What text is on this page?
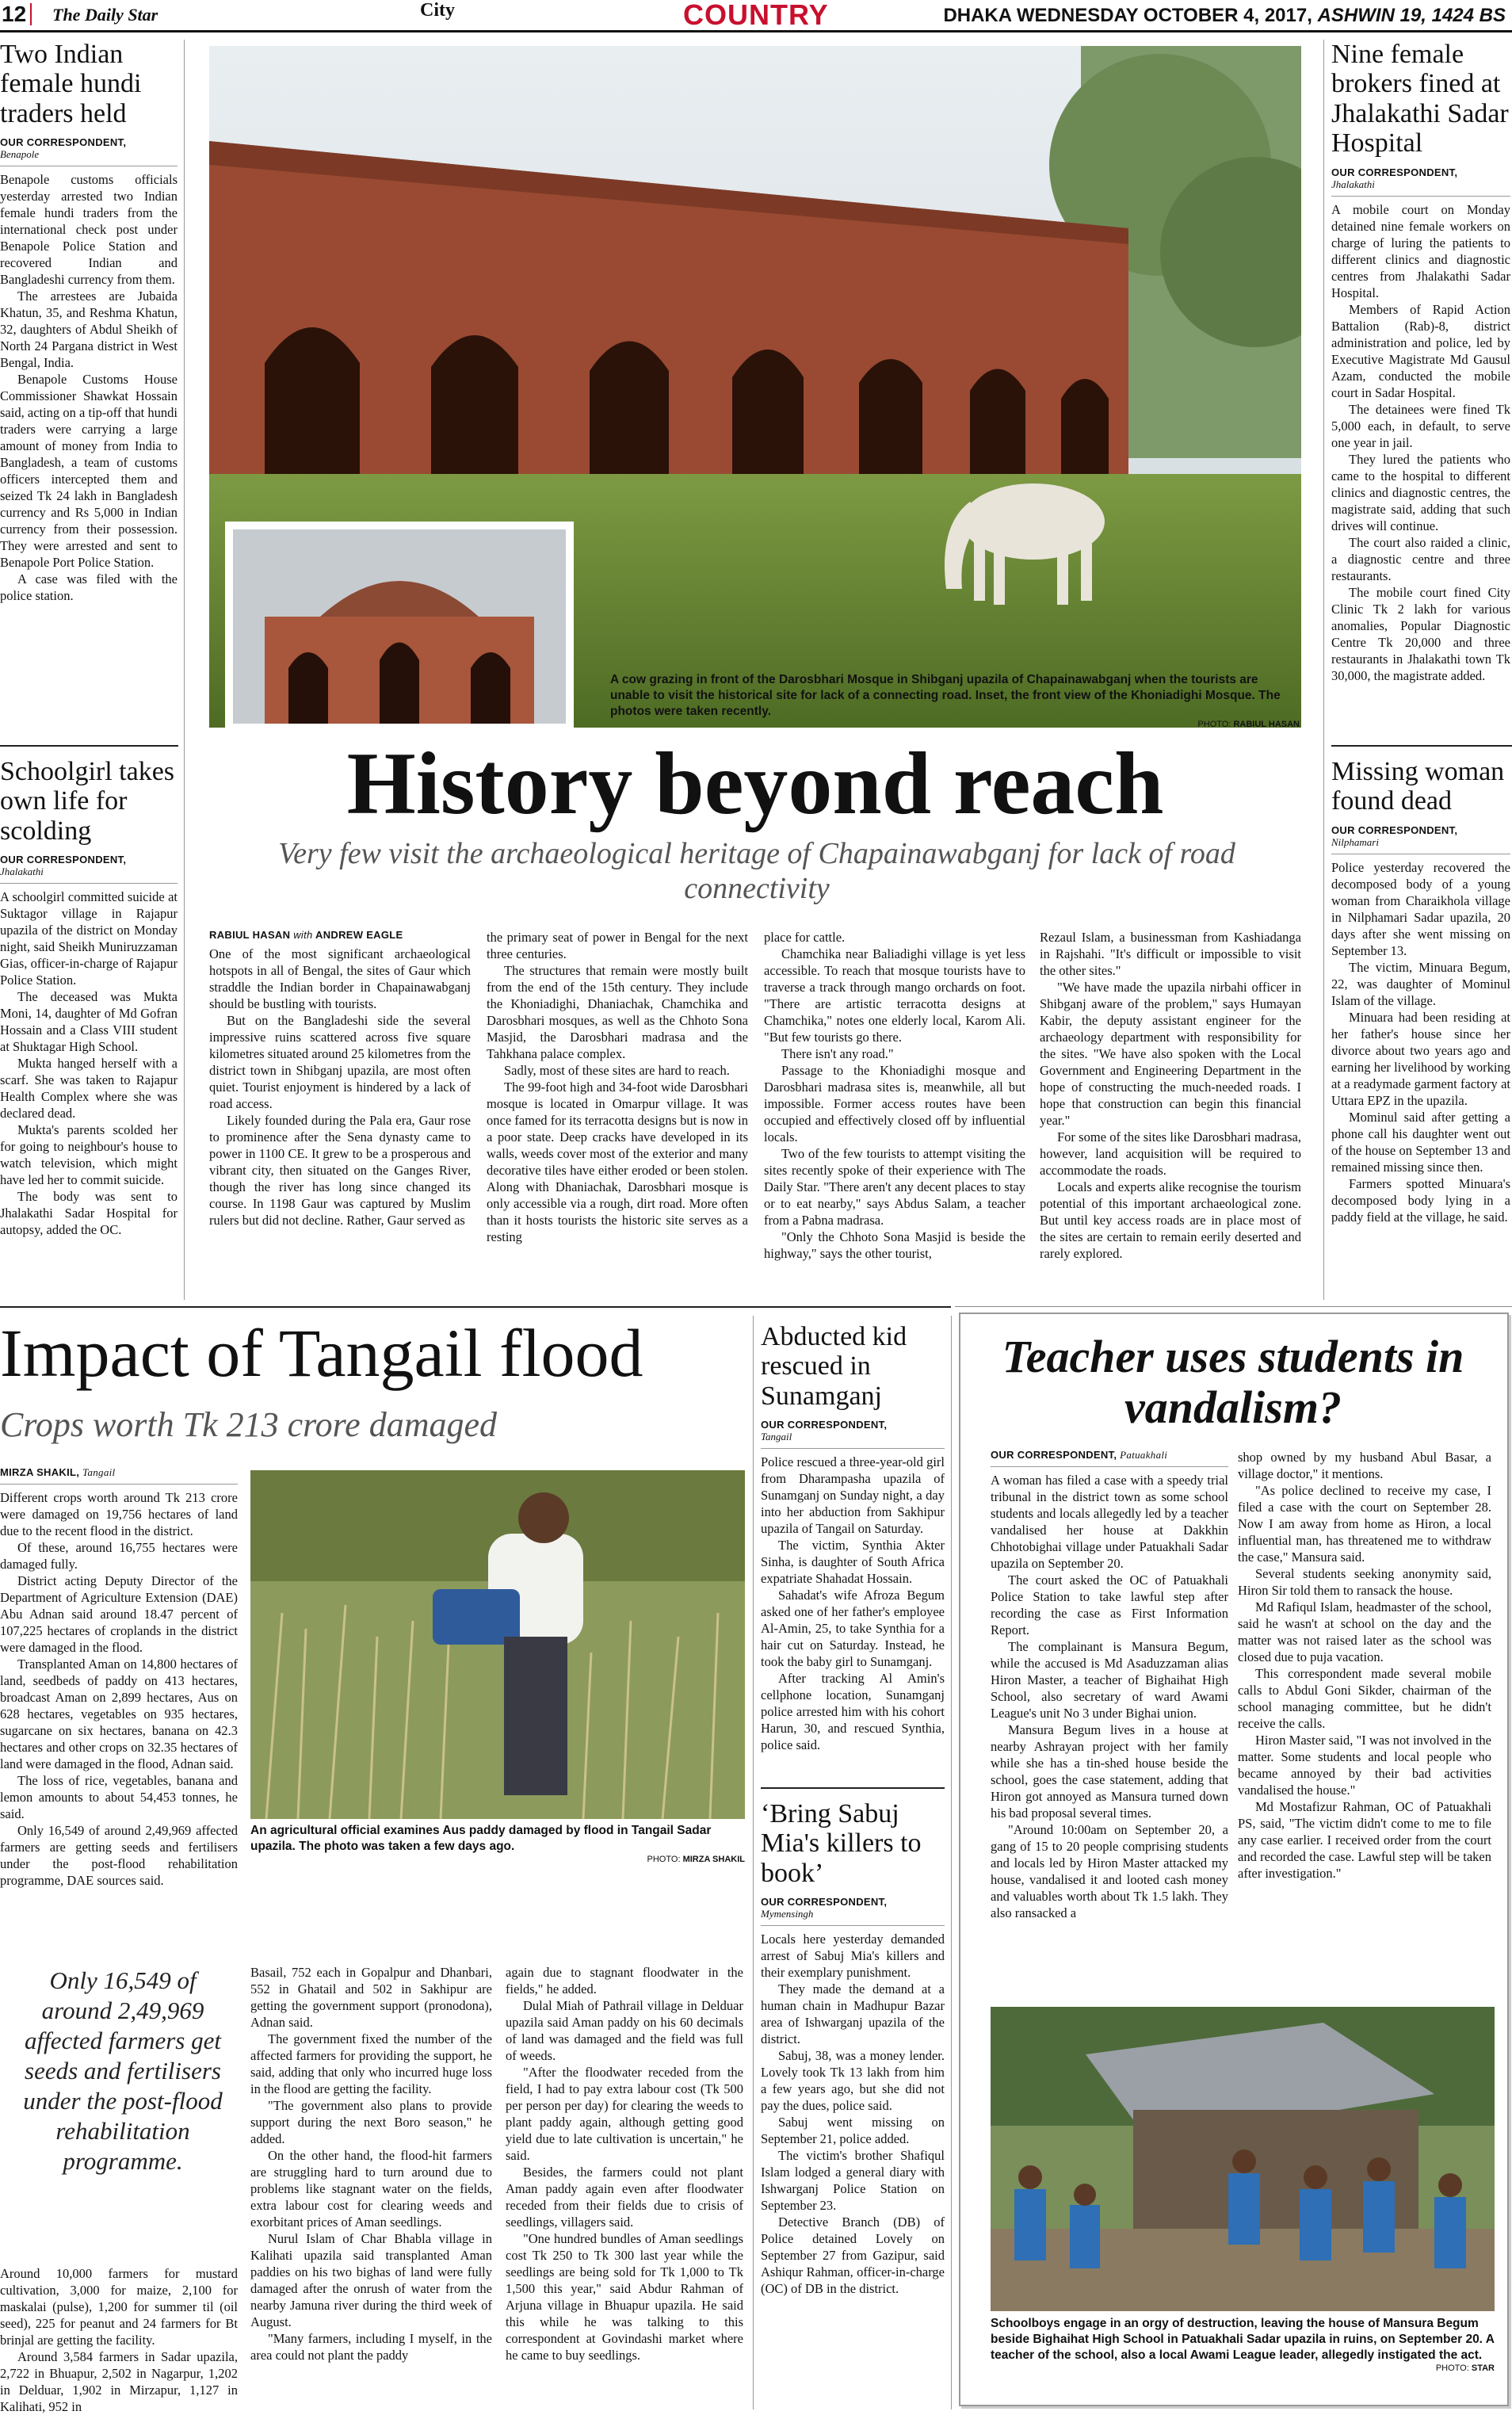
12 The Daily Star	City	COUNTRY	DHAKA WEDNESDAY OCTOBER 4, 2017, ASHWIN 19, 1424 BS
Two Indian female hundi traders held
OUR CORRESPONDENT,
Benapole

Benapole customs officials yesterday arrested two Indian female hundi traders from the international check post under Benapole Police Station and recovered Indian and Bangladeshi currency from them.

The arrestees are Jubaida Khatun, 35, and Reshma Khatun, 32, daughters of Abdul Sheikh of North 24 Pargana district in West Bengal, India.

Benapole Customs House Commissioner Shawkat Hossain said, acting on a tip-off that hundi traders were carrying a large amount of money from India to Bangladesh, a team of customs officers intercepted them and seized Tk 24 lakh in Bangladesh currency and Rs 5,000 in Indian currency from their possession. They were arrested and sent to Benapole Port Police Station.

A case was filed with the police station.

Schoolgirl takes own life for scolding
OUR CORRESPONDENT,
Jhalakathi

A schoolgirl committed suicide at Suktagor village in Rajapur upazila of the district on Monday night, said Sheikh Muniruzzaman Gias, officer-in-charge of Rajapur Police Station.

The deceased was Mukta Moni, 14, daughter of Md Gofran Hossain and a Class VIII student at Shuktagar High School.

Mukta hanged herself with a scarf. She was taken to Rajapur Health Complex where she was declared dead.

Mukta's parents scolded her for going to neighbour's house to watch television, which might have led her to commit suicide.

The body was sent to Jhalakathi Sadar Hospital for autopsy, added the OC.

Nine female brokers fined at Jhalakathi Sadar Hospital
OUR CORRESPONDENT,
Jhalakathi

A mobile court on Monday detained nine female workers on charge of luring the patients to different clinics and diagnostic centres from Jhalakathi Sadar Hospital.

Members of Rapid Action Battalion (Rab)-8, district administration and police, led by Executive Magistrate Md Gausul Azam, conducted the mobile court in Sadar Hospital.

The detainees were fined Tk 5,000 each, in default, to serve one year in jail.

They lured the patients who came to the hospital to different clinics and diagnostic centres, the magistrate said, adding that such drives will continue.

The court also raided a clinic, a diagnostic centre and three restaurants.

The mobile court fined City Clinic Tk 2 lakh for various anomalies, Popular Diagnostic Centre Tk 20,000 and three restaurants in Jhalakathi town Tk 30,000, the magistrate added.

Missing woman found dead
OUR CORRESPONDENT,
Nilphamari

Police yesterday recovered the decomposed body of a young woman from Charaikhola village in Nilphamari Sadar upazila, 20 days after she went missing on September 13.

The victim, Minuara Begum, 22, was daughter of Mominul Islam of the village.

Minuara had been residing at her father's house since her divorce about two years ago and earning her livelihood by working at a readymade garment factory at Uttara EPZ in the upazila.

Mominul said after getting a phone call his daughter went out of the house on September 13 and remained missing since then.

Farmers spotted Minuara's decomposed body lying in a paddy field at the village, he said.

A cow grazing in front of the Darosbhari Mosque in Shibganj upazila of Chapainawabganj when the tourists are unable to visit the historical site for lack of a connecting road. Inset, the front view of the Khoniadighi Mosque. The photos were taken recently.
PHOTO: RABIUL HASAN
History beyond reach
Very few visit the archaeological heritage of Chapainawabganj for lack of road connectivity
RABIUL HASAN with ANDREW EAGLE

One of the most significant archaeological hotspots in all of Bengal, the sites of Gaur which straddle the Indian border in Chapainawabganj should be bustling with tourists.

But on the Bangladeshi side the several impressive ruins scattered across five square kilometres situated around 25 kilometres from the district town in Shibganj upazila, are most often quiet. Tourist enjoyment is hindered by a lack of road access.

Likely founded during the Pala era, Gaur rose to prominence after the Sena dynasty came to power in 1100 CE. It grew to be a prosperous and vibrant city, then situated on the Ganges River, though the river has long since changed its course. In 1198 Gaur was captured by Muslim rulers but did not decline. Rather, Gaur served as

the primary seat of power in Bengal for the next three centuries.

The structures that remain were mostly built from the end of the 15th century. They include the Khoniadighi, Dhaniachak, Chamchika and Darosbhari mosques, as well as the Chhoto Sona Masjid, the Darosbhari madrasa and the Tahkhana palace complex.

Sadly, most of these sites are hard to reach.

The 99-foot high and 34-foot wide Darosbhari mosque is located in Omarpur village. It was once famed for its terracotta designs but is now in a poor state. Deep cracks have developed in its walls, weeds cover most of the exterior and many decorative tiles have either eroded or been stolen. Along with Dhaniachak, Darosbhari mosque is only accessible via a rough, dirt road. More often than it hosts tourists the historic site serves as a resting

place for cattle.

Chamchika near Baliadighi village is yet less accessible. To reach that mosque tourists have to traverse a track through mango orchards on foot. "There are artistic terracotta designs at Chamchika," notes one elderly local, Karom Ali. "But few tourists go there.

There isn't any road."

Passage to the Khoniadighi mosque and Darosbhari madrasa sites is, meanwhile, all but impossible. Former access routes have been occupied and effectively closed off by influential locals.

Two of the few tourists to attempt visiting the sites recently spoke of their experience with The Daily Star. "There aren't any decent places to stay or to eat nearby," says Abdus Salam, a teacher from a Pabna madrasa.

"Only the Chhoto Sona Masjid is beside the highway," says the other tourist,

Rezaul Islam, a businessman from Kashiadanga in Rajshahi. "It's difficult or impossible to visit the other sites."

"We have made the upazila nirbahi officer in Shibganj aware of the problem," says Humayan Kabir, the deputy assistant engineer for the archaeology department with responsibility for the sites. "We have also spoken with the Local Government and Engineering Department in the hope of constructing the much-needed roads. I hope that construction can begin this financial year."

For some of the sites like Darosbhari madrasa, however, land acquisition will be required to accommodate the roads.

Locals and experts alike recognise the tourism potential of this important archaeological zone. But until key access roads are in place most of the sites are certain to remain eerily deserted and rarely explored.

Impact of Tangail flood
Crops worth Tk 213 crore damaged
MIRZA SHAKIL, Tangail

Different crops worth around Tk 213 crore were damaged on 19,756 hectares of land due to the recent flood in the district.

Of these, around 16,755 hectares were damaged fully.

District acting Deputy Director of the Department of Agriculture Extension (DAE) Abu Adnan said around 18.47 percent of 107,225 hectares of croplands in the district were damaged in the flood.

Transplanted Aman on 14,800 hectares of land, seedbeds of paddy on 413 hectares, broadcast Aman on 2,899 hectares, Aus on 628 hectares, vegetables on 935 hectares, sugarcane on six hectares, banana on 42.3 hectares and other crops on 32.35 hectares of land were damaged in the flood, Adnan said.

The loss of rice, vegetables, banana and lemon amounts to about 54,453 tonnes, he said.

Only 16,549 of around 2,49,969 affected farmers are getting seeds and fertilisers under the post-flood rehabilitation programme, DAE sources said.

An agricultural official examines Aus paddy damaged by flood in Tangail Sadar upazila. The photo was taken a few days ago.
PHOTO: MIRZA SHAKIL
Only 16,549 of around 2,49,969 affected farmers get seeds and fertilisers under the post-flood rehabilitation programme.

Around 10,000 farmers for mustard cultivation, 3,000 for maize, 2,100 for maskalai (pulse), 1,200 for summer til (oil seed), 225 for peanut and 24 farmers for Bt brinjal are getting the facility.

Around 3,584 farmers in Sadar upazila, 2,722 in Bhuapur, 2,502 in Nagarpur, 1,202 in Delduar, 1,902 in Mirzapur, 1,127 in Kalihati, 952 in

Basail, 752 each in Gopalpur and Dhanbari, 552 in Ghatail and 502 in Sakhipur are getting the government support (pronodona), Adnan said.

The government fixed the number of the affected farmers for providing the support, he said, adding that only who incurred huge loss in the flood are getting the facility.

"The government also plans to provide support during the next Boro season," he added.

On the other hand, the flood-hit farmers are struggling hard to turn around due to problems like stagnant water on the fields, extra labour cost for clearing weeds and exorbitant prices of Aman seedlings.

Nurul Islam of Char Bhabla village in Kalihati upazila said transplanted Aman paddies on his two bighas of land were fully damaged after the onrush of water from the nearby Jamuna river during the third week of August.

"Many farmers, including I myself, in the area could not plant the paddy

again due to stagnant floodwater in the fields," he added.

Dulal Miah of Pathrail village in Delduar upazila said Aman paddy on his 60 decimals of land was damaged and the field was full of weeds.

"After the floodwater receded from the field, I had to pay extra labour cost (Tk 500 per person per day) for clearing the weeds to plant paddy again, although getting good yield due to late cultivation is uncertain," he said.

Besides, the farmers could not plant Aman paddy again even after floodwater receded from their fields due to crisis of seedlings, villagers said.

"One hundred bundles of Aman seedlings cost Tk 250 to Tk 300 last year while the seedlings are being sold for Tk 1,000 to Tk 1,500 this year," said Abdur Rahman of Arjuna village in Bhuapur upazila. He said this while he was talking to this correspondent at Govindashi market where he came to buy seedlings.

Abducted kid rescued in Sunamganj
OUR CORRESPONDENT,
Tangail

Police rescued a three-year-old girl from Dharampasha upazila of Sunamganj on Sunday night, a day into her abduction from Sakhipur upazila of Tangail on Saturday.

The victim, Synthia Akter Sinha, is daughter of South Africa expatriate Shahadat Hossain.

Sahadat's wife Afroza Begum asked one of her father's employee Al-Amin, 25, to take Synthia for a hair cut on Saturday. Instead, he took the baby girl to Sunamganj.

After tracking Al Amin's cellphone location, Sunamganj police arrested him with his cohort Harun, 30, and rescued Synthia, police said.

‘Bring Sabuj Mia's killers to book’
OUR CORRESPONDENT,
Mymensingh

Locals here yesterday demanded arrest of Sabuj Mia's killers and their exemplary punishment.

They made the demand at a human chain in Madhupur Bazar area of Ishwarganj upazila of the district.

Sabuj, 38, was a money lender. Lovely took Tk 13 lakh from him a few years ago, but she did not pay the dues, police said.

Sabuj went missing on September 21, police added.

The victim's brother Shafiqul Islam lodged a general diary with Ishwarganj Police Station on September 23.

Detective Branch (DB) of Police detained Lovely on September 27 from Gazipur, said Ashiqur Rahman, officer-in-charge (OC) of DB in the district.

Teacher uses students in vandalism?
OUR CORRESPONDENT, Patuakhali

A woman has filed a case with a speedy trial tribunal in the district town as some school students and locals allegedly led by a teacher vandalised her house at Dakkhin Chhotobighai village under Patuakhali Sadar upazila on September 20.

The court asked the OC of Patuakhali Police Station to take lawful step after recording the case as First Information Report.

The complainant is Mansura Begum, while the accused is Md Asaduzzaman alias Hiron Master, a teacher of Bighaihat High School, also secretary of ward Awami League's unit No 3 under Bighai union.

Mansura Begum lives in a house at nearby Ashrayan project with her family while she has a tin-shed house beside the school, goes the case statement, adding that Hiron got annoyed as Mansura turned down his bad proposal several times.

"Around 10:00am on September 20, a gang of 15 to 20 people comprising students and locals led by Hiron Master attacked my house, vandalised it and looted cash money and valuables worth about Tk 1.5 lakh. They also ransacked a

shop owned by my husband Abul Basar, a village doctor," it mentions.

"As police declined to receive my case, I filed a case with the court on September 28. Now I am away from home as Hiron, a local influential man, has threatened me to withdraw the case," Mansura said.

Several students seeking anonymity said, Hiron Sir told them to ransack the house.

Md Rafiqul Islam, headmaster of the school, said he wasn't at school on the day and the matter was not raised later as the school was closed due to puja vacation.

This correspondent made several mobile calls to Abdul Goni Sikder, chairman of the school managing committee, but he didn't receive the calls.

Hiron Master said, "I was not involved in the matter. Some students and local people who became annoyed by their bad activities vandalised the house."

Md Mostafizur Rahman, OC of Patuakhali PS, said, "The victim didn't come to me to file any case earlier. I received order from the court and recorded the case. Lawful step will be taken after investigation."

Schoolboys engage in an orgy of destruction, leaving the house of Mansura Begum beside Bighaihat High School in Patuakhali Sadar upazila in ruins, on September 20. A teacher of the school, also a local Awami League leader, allegedly instigated the act.
PHOTO: STAR
